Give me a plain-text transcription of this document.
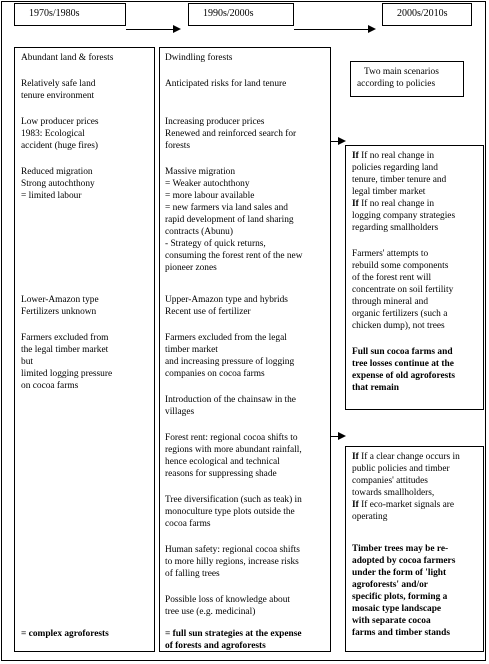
1970s/1980s	1990s/2000s	2000s/2010s
Abundant land & forests
Relatively safe land
tenure environment
Low producer prices
1983: Ecological
accident (huge fires)
Reduced migration
Strong autochthony
= limited labour
Lower-Amazon type
Fertilizers unknown
Farmers excluded from
the legal timber market
but
limited logging pressure
on cocoa farms
= complex agroforests
Dwindling forests
Anticipated risks for land tenure
Increasing producer prices
Renewed and reinforced search for
forests
Massive migration
= Weaker autochthony
= more labour available
= new farmers via land sales and
rapid development of land sharing
contracts (Abunu)
- Strategy of quick returns,
consuming the forest rent of the new
pioneer zones
Upper-Amazon type and hybrids
Recent use of fertilizer
Farmers excluded from the legal
timber market
and increasing pressure of logging
companies on cocoa farms
Introduction of the chainsaw in the
villages
Forest rent: regional cocoa shifts to
regions with more abundant rainfall,
hence ecological and technical
reasons for suppressing shade
Tree diversification (such as teak) in
monoculture type plots outside the
cocoa farms
Human safety: regional cocoa shifts
to more hilly regions, increase risks
of falling trees
Possible loss of knowledge about
tree use (e.g. medicinal)
= full sun strategies at the expense
of forests and agroforests
Two main scenarios
according to policies
If If no real change in
policies regarding land
tenure, timber tenure and
legal timber market
If If no real change in
logging company strategies
regarding smallholders
Farmers' attempts to
rebuild some components
of the forest rent will
concentrate on soil fertility
through mineral and
organic fertilizers (such a
chicken dump), not trees
Full sun cocoa farms and
tree losses continue at the
expense of old agroforests
that remain
If If a clear change occurs in
public policies and timber
companies' attitudes
towards smallholders,
If If eco-market signals are
operating
Timber trees may be re-
adopted by cocoa farmers
under the form of 'light
agroforests' and/or
specific plots, forming a
mosaic type landscape
with separate cocoa
farms and timber stands
